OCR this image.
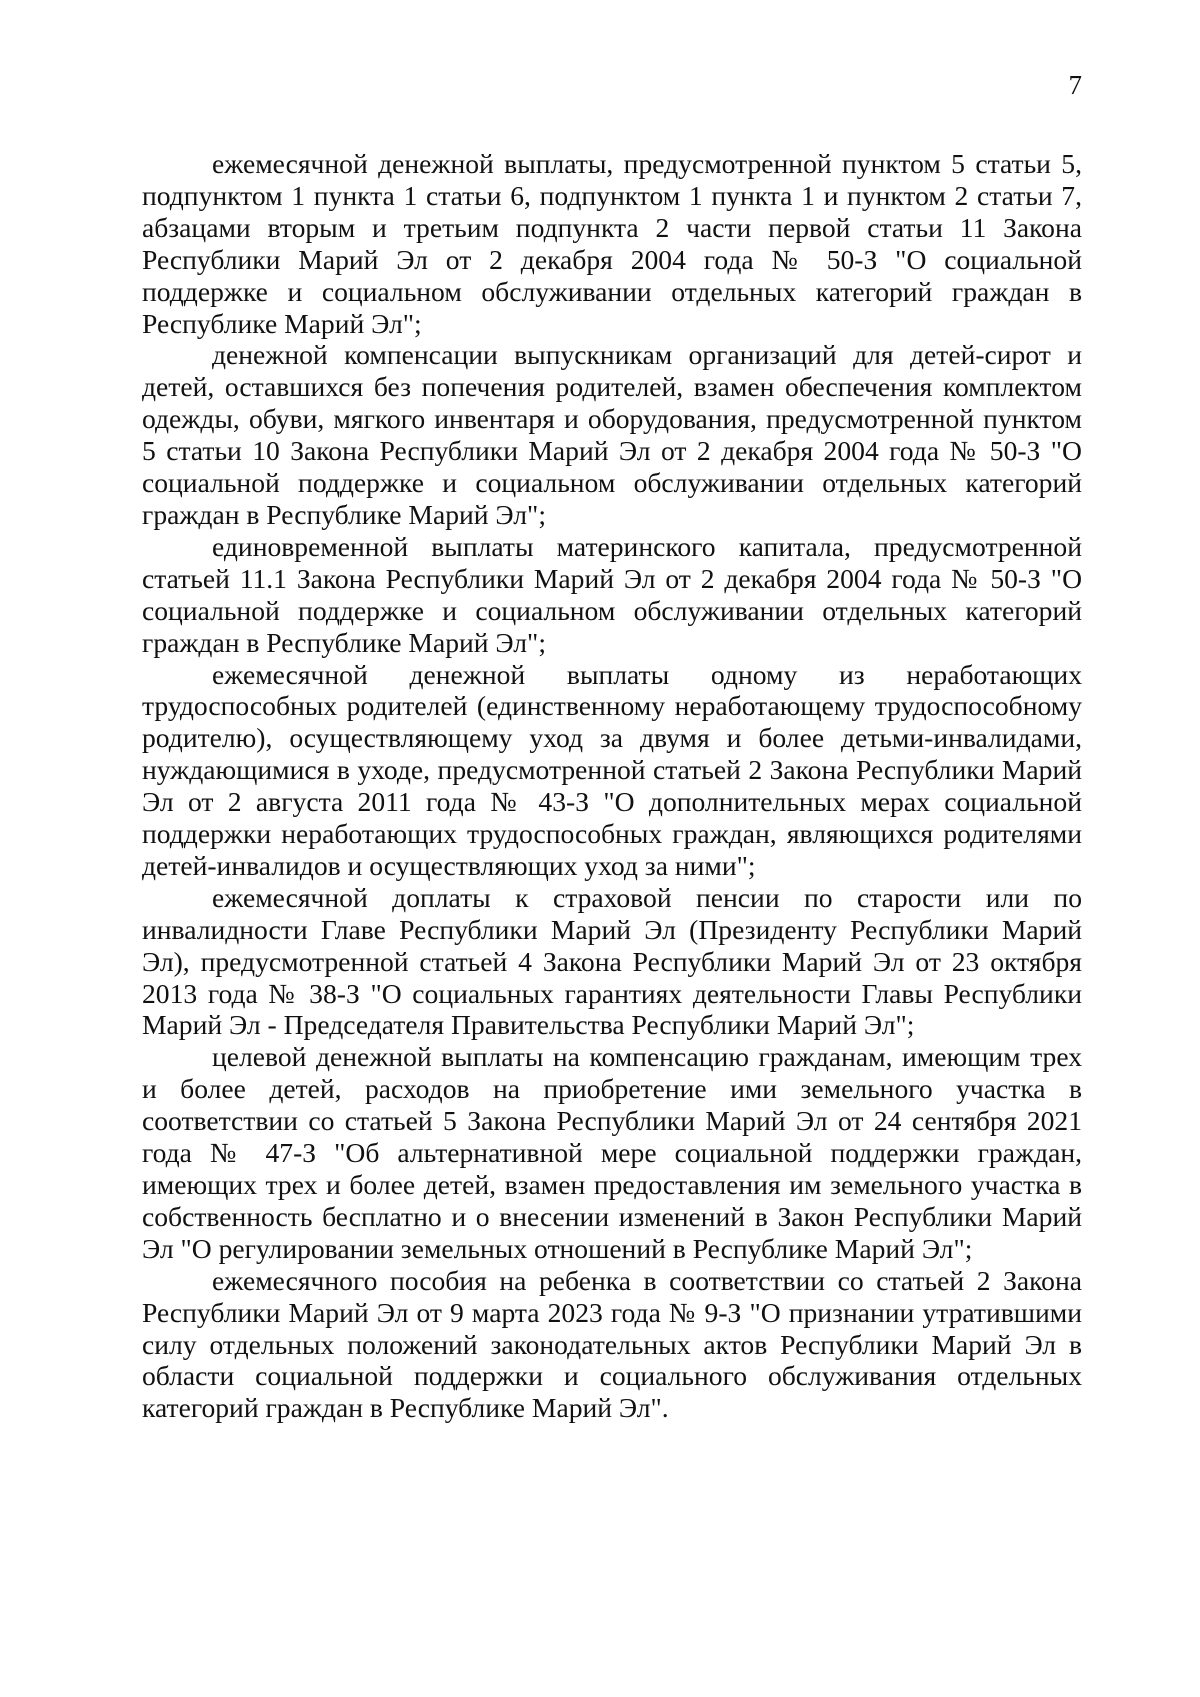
7

ежемесячной денежной выплаты, предусмотренной пунктом 5 статьи 5, подпунктом 1 пункта 1 статьи 6, подпунктом 1 пункта 1 и пунктом 2 статьи 7, абзацами вторым и третьим подпункта 2 части первой статьи 11 Закона Республики Марий Эл от 2 декабря 2004 года № 50-З "О социальной поддержке и социальном обслуживании отдельных категорий граждан в Республике Марий Эл";

денежной компенсации выпускникам организаций для детей-сирот и детей, оставшихся без попечения родителей, взамен обеспечения комплектом одежды, обуви, мягкого инвентаря и оборудования, предусмотренной пунктом 5 статьи 10 Закона Республики Марий Эл от 2 декабря 2004 года № 50-З "О социальной поддержке и социальном обслуживании отдельных категорий граждан в Республике Марий Эл";

единовременной выплаты материнского капитала, предусмотренной статьей 11.1 Закона Республики Марий Эл от 2 декабря 2004 года № 50-З "О социальной поддержке и социальном обслуживании отдельных категорий граждан в Республике Марий Эл";

ежемесячной денежной выплаты одному из неработающих трудоспособных родителей (единственному неработающему трудоспособному родителю), осуществляющему уход за двумя и более детьми-инвалидами, нуждающимися в уходе, предусмотренной статьей 2 Закона Республики Марий Эл от 2 августа 2011 года № 43-З "О дополнительных мерах социальной поддержки неработающих трудоспособных граждан, являющихся родителями детей-инвалидов и осуществляющих уход за ними";

ежемесячной доплаты к страховой пенсии по старости или по инвалидности Главе Республики Марий Эл (Президенту Республики Марий Эл), предусмотренной статьей 4 Закона Республики Марий Эл от 23 октября 2013 года № 38-З "О социальных гарантиях деятельности Главы Республики Марий Эл - Председателя Правительства Республики Марий Эл";

целевой денежной выплаты на компенсацию гражданам, имеющим трех и более детей, расходов на приобретение ими земельного участка в соответствии со статьей 5 Закона Республики Марий Эл от 24 сентября 2021 года № 47-З "Об альтернативной мере социальной поддержки граждан, имеющих трех и более детей, взамен предоставления им земельного участка в собственность бесплатно и о внесении изменений в Закон Республики Марий Эл "О регулировании земельных отношений в Республике Марий Эл";

ежемесячного пособия на ребенка в соответствии со статьей 2 Закона Республики Марий Эл от 9 марта 2023 года № 9-З "О признании утратившими силу отдельных положений законодательных актов Республики Марий Эл в области социальной поддержки и социального обслуживания отдельных категорий граждан в Республике Марий Эл".
